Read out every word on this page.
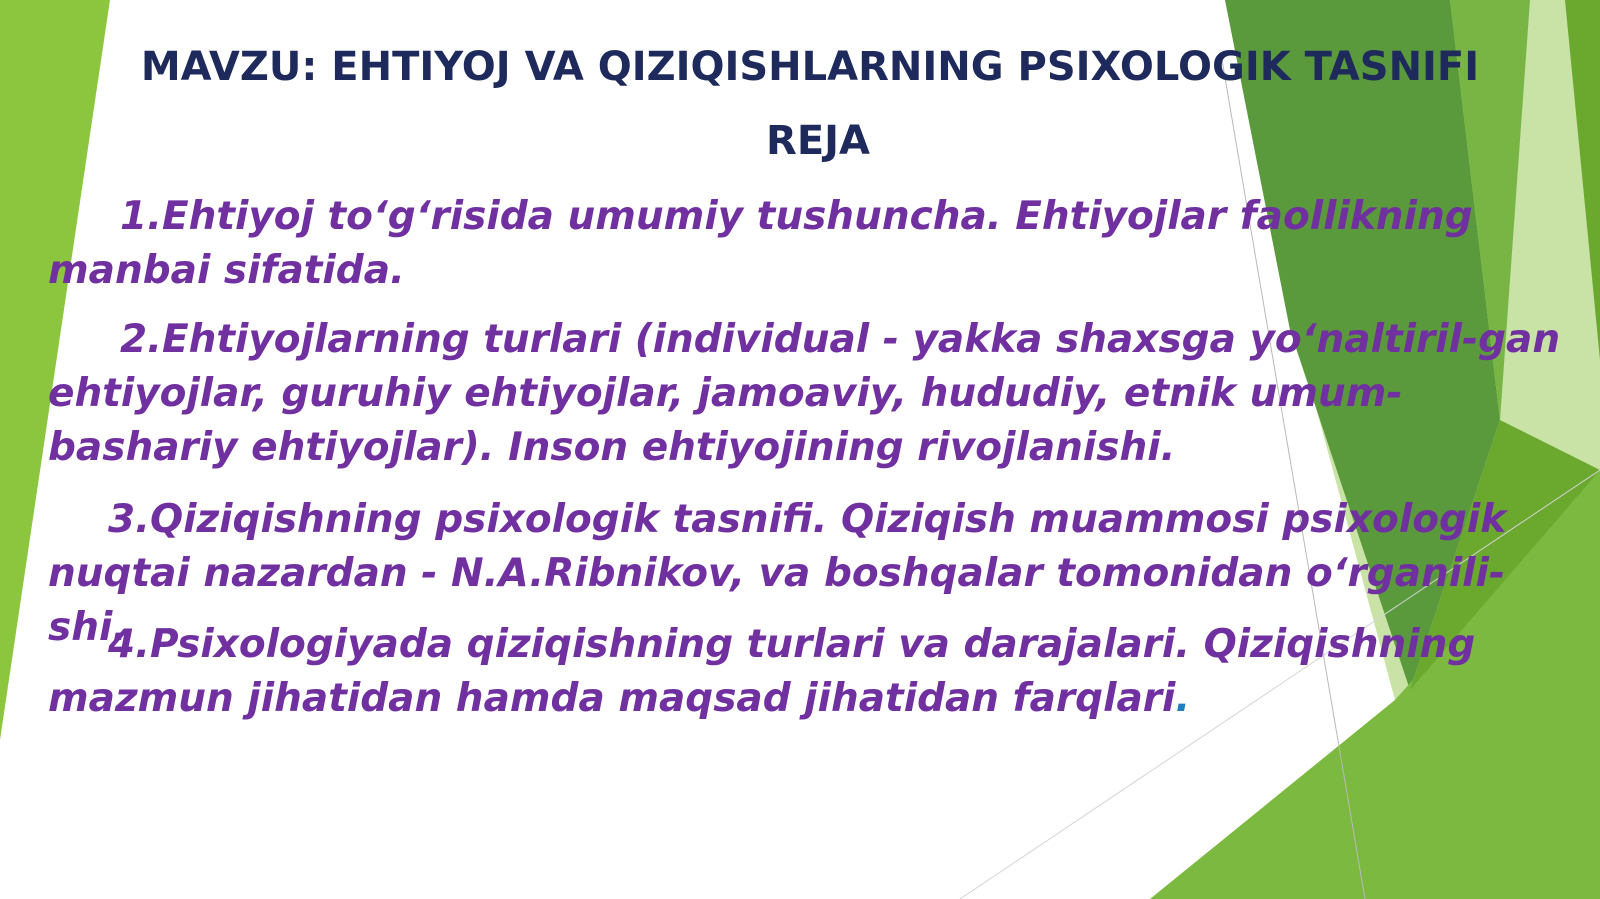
MAVZU: EHTIYOJ VA QIZIQISHLARNING PSIXOLOGIK TASNIFI
REJA

1.Ehtiyoj to‘g‘risida umumiy tushuncha. Ehtiyojlar faollikning manbai sifatida.

2.Ehtiyojlarning turlari (individual - yakka shaxsga yo‘naltiril-gan ehtiyojlar, guruhiy ehtiyojlar, jamoaviy, hududiy, etnik umum-bashariy ehtiyojlar). Inson ehtiyojining rivojlanishi.

3.Qiziqishning psixologik tasnifi. Qiziqish muammosi psixologik nuqtai nazardan - N.A.Ribnikov, va boshqalar tomonidan o‘rganili-shi.

4.Psixologiyada qiziqishning turlari va darajalari. Qiziqishning mazmun jihatidan hamda maqsad jihatidan farqlari.
